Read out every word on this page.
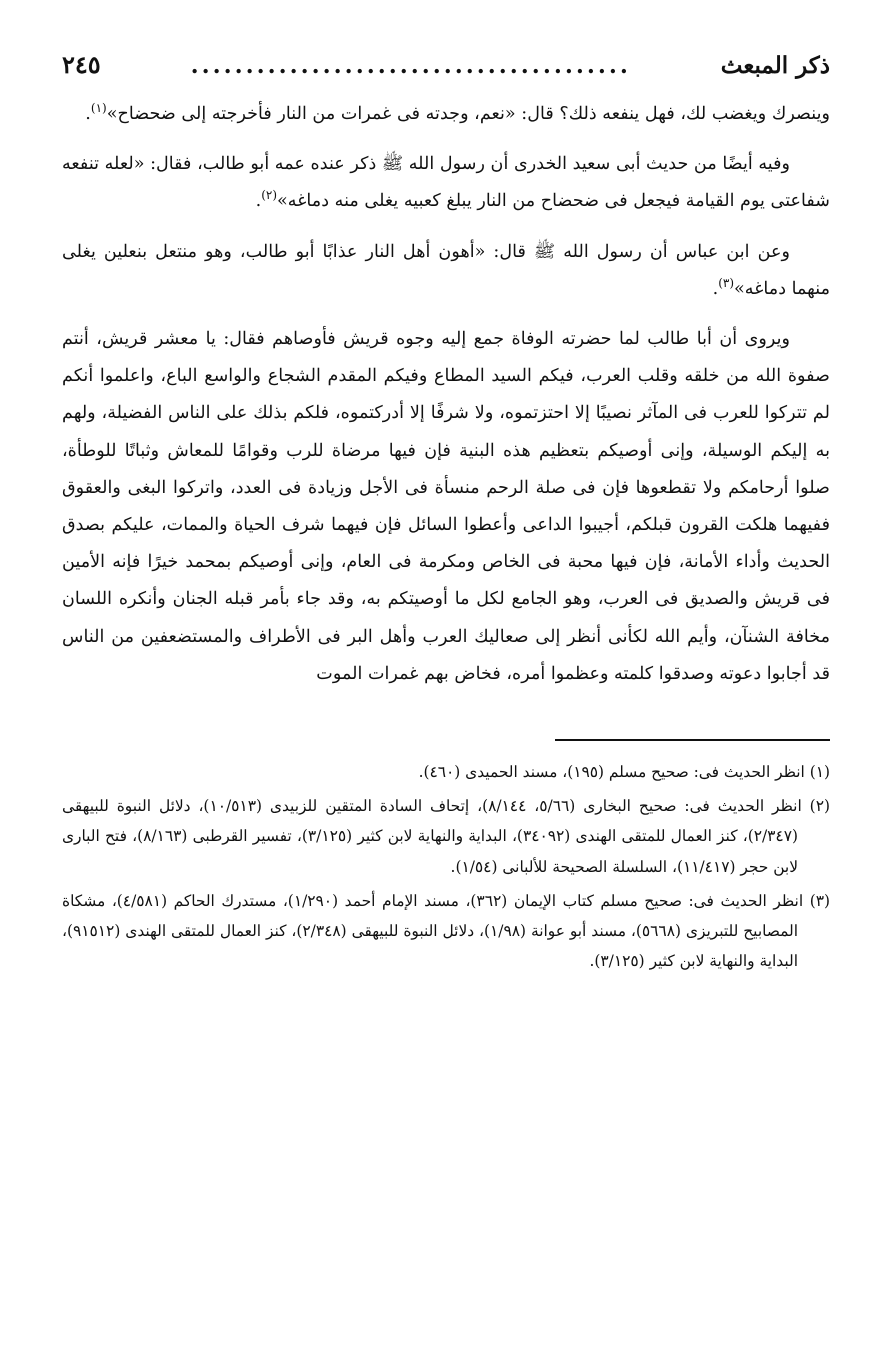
ذكر المبعث
.....
٢٤٥

وينصرك ويغضب لك، فهل ينفعه ذلك؟ قال: «نعم، وجدته فى غمرات من النار فأخرجته إلى ضحضاح»$^{(١)}$.

وفيه أيضًا من حديث أبى سعيد الخدرى أن رسول الله ﷺ ذكر عنده عمه أبو طالب، فقال: «لعله تنفعه شفاعتى يوم القيامة فيجعل فى ضحضاح من النار يبلغ كعبيه يغلى منه دماغه»$^{(٢)}$.

وعن ابن عباس أن رسول الله ﷺ قال: «أهون أهل النار عذابًا أبو طالب، وهو منتعل بنعلين يغلى منهما دماغه»$^{(٣)}$.

ويروى أن أبا طالب لما حضرته الوفاة جمع إليه وجوه قريش فأوصاهم فقال: يا معشر قريش، أنتم صفوة الله من خلقه وقلب العرب، فيكم السيد المطاع وفيكم المقدم الشجاع والواسع الباع، واعلموا أنكم لم تتركوا للعرب فى المآثر نصيبًا إلا احتزتموه، ولا شرفًا إلا أدركتموه، فلكم بذلك على الناس الفضيلة، ولهم به إليكم الوسيلة، وإنى أوصيكم بتعظيم هذه البنية فإن فيها مرضاة للرب وقوامًا للمعاش وثباتًا للوطأة، صلوا أرحامكم ولا تقطعوها فإن فى صلة الرحم منسأة فى الأجل وزيادة فى العدد، واتركوا البغى والعقوق ففيهما هلكت القرون قبلكم، أجيبوا الداعى وأعطوا السائل فإن فيهما شرف الحياة والممات، عليكم بصدق الحديث وأداء الأمانة، فإن فيها محبة فى الخاص ومكرمة فى العام، وإنى أوصيكم بمحمد خيرًا فإنه الأمين فى قريش والصديق فى العرب، وهو الجامع لكل ما أوصيتكم به، وقد جاء بأمر قبله الجنان وأنكره اللسان مخافة الشنآن، وأيم الله لكأنى أنظر إلى صعاليك العرب وأهل البر فى الأطراف والمستضعفين من الناس قد أجابوا دعوته وصدقوا كلمته وعظموا أمره، فخاض بهم غمرات الموت

(١) انظر الحديث فى: صحيح مسلم (١٩٥)، مسند الحميدى (٤٦٠).

(٢) انظر الحديث فى: صحيح البخارى (٥/٦٦، ٨/١٤٤)، إتحاف السادة المتقين للزبيدى (١٠/٥١٣)، دلائل النبوة للبيهقى (٢/٣٤٧)، كنز العمال للمتقى الهندى (٣٤٠٩٢)، البداية والنهاية لابن كثير (٣/١٢٥)، تفسير القرطبى (٨/١٦٣)، فتح البارى لابن حجر (١١/٤١٧)، السلسلة الصحيحة للألبانى (١/٥٤).

(٣) انظر الحديث فى: صحيح مسلم كتاب الإيمان (٣٦٢)، مسند الإمام أحمد (١/٢٩٠)، مستدرك الحاكم (٤/٥٨١)، مشكاة المصابيح للتبريزى (٥٦٦٨)، مسند أبو عوانة (١/٩٨)، دلائل النبوة للبيهقى (٢/٣٤٨)، كنز العمال للمتقى الهندى (٩١٥١٢)، البداية والنهاية لابن كثير (٣/١٢٥).
